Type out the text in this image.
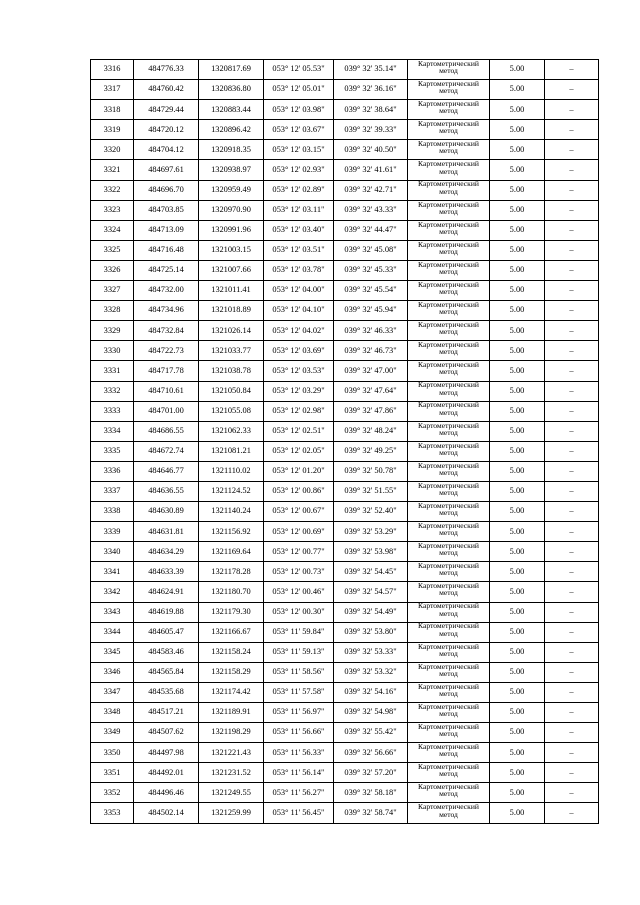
3316	484776.33	1320817.69	053° 12' 05.53"	039° 32' 35.14"	Картометрический метод	5.00	–
3317	484760.42	1320836.80	053° 12' 05.01"	039° 32' 36.16"	Картометрический метод	5.00	–
3318	484729.44	1320883.44	053° 12' 03.98"	039° 32' 38.64"	Картометрический метод	5.00	–
3319	484720.12	1320896.42	053° 12' 03.67"	039° 32' 39.33"	Картометрический метод	5.00	–
3320	484704.12	1320918.35	053° 12' 03.15"	039° 32' 40.50"	Картометрический метод	5.00	–
3321	484697.61	1320938.97	053° 12' 02.93"	039° 32' 41.61"	Картометрический метод	5.00	–
3322	484696.70	1320959.49	053° 12' 02.89"	039° 32' 42.71"	Картометрический метод	5.00	–
3323	484703.85	1320970.90	053° 12' 03.11"	039° 32' 43.33"	Картометрический метод	5.00	–
3324	484713.09	1320991.96	053° 12' 03.40"	039° 32' 44.47"	Картометрический метод	5.00	–
3325	484716.48	1321003.15	053° 12' 03.51"	039° 32' 45.08"	Картометрический метод	5.00	–
3326	484725.14	1321007.66	053° 12' 03.78"	039° 32' 45.33"	Картометрический метод	5.00	–
3327	484732.00	1321011.41	053° 12' 04.00"	039° 32' 45.54"	Картометрический метод	5.00	–
3328	484734.96	1321018.89	053° 12' 04.10"	039° 32' 45.94"	Картометрический метод	5.00	–
3329	484732.84	1321026.14	053° 12' 04.02"	039° 32' 46.33"	Картометрический метод	5.00	–
3330	484722.73	1321033.77	053° 12' 03.69"	039° 32' 46.73"	Картометрический метод	5.00	–
3331	484717.78	1321038.78	053° 12' 03.53"	039° 32' 47.00"	Картометрический метод	5.00	–
3332	484710.61	1321050.84	053° 12' 03.29"	039° 32' 47.64"	Картометрический метод	5.00	–
3333	484701.00	1321055.08	053° 12' 02.98"	039° 32' 47.86"	Картометрический метод	5.00	–
3334	484686.55	1321062.33	053° 12' 02.51"	039° 32' 48.24"	Картометрический метод	5.00	–
3335	484672.74	1321081.21	053° 12' 02.05"	039° 32' 49.25"	Картометрический метод	5.00	–
3336	484646.77	1321110.02	053° 12' 01.20"	039° 32' 50.78"	Картометрический метод	5.00	–
3337	484636.55	1321124.52	053° 12' 00.86"	039° 32' 51.55"	Картометрический метод	5.00	–
3338	484630.89	1321140.24	053° 12' 00.67"	039° 32' 52.40"	Картометрический метод	5.00	–
3339	484631.81	1321156.92	053° 12' 00.69"	039° 32' 53.29"	Картометрический метод	5.00	–
3340	484634.29	1321169.64	053° 12' 00.77"	039° 32' 53.98"	Картометрический метод	5.00	–
3341	484633.39	1321178.28	053° 12' 00.73"	039° 32' 54.45"	Картометрический метод	5.00	–
3342	484624.91	1321180.70	053° 12' 00.46"	039° 32' 54.57"	Картометрический метод	5.00	–
3343	484619.88	1321179.30	053° 12' 00.30"	039° 32' 54.49"	Картометрический метод	5.00	–
3344	484605.47	1321166.67	053° 11' 59.84"	039° 32' 53.80"	Картометрический метод	5.00	–
3345	484583.46	1321158.24	053° 11' 59.13"	039° 32' 53.33"	Картометрический метод	5.00	–
3346	484565.84	1321158.29	053° 11' 58.56"	039° 32' 53.32"	Картометрический метод	5.00	–
3347	484535.68	1321174.42	053° 11' 57.58"	039° 32' 54.16"	Картометрический метод	5.00	–
3348	484517.21	1321189.91	053° 11' 56.97"	039° 32' 54.98"	Картометрический метод	5.00	–
3349	484507.62	1321198.29	053° 11' 56.66"	039° 32' 55.42"	Картометрический метод	5.00	–
3350	484497.98	1321221.43	053° 11' 56.33"	039° 32' 56.66"	Картометрический метод	5.00	–
3351	484492.01	1321231.52	053° 11' 56.14"	039° 32' 57.20"	Картометрический метод	5.00	–
3352	484496.46	1321249.55	053° 11' 56.27"	039° 32' 58.18"	Картометрический метод	5.00	–
3353	484502.14	1321259.99	053° 11' 56.45"	039° 32' 58.74"	Картометрический метод	5.00	–
